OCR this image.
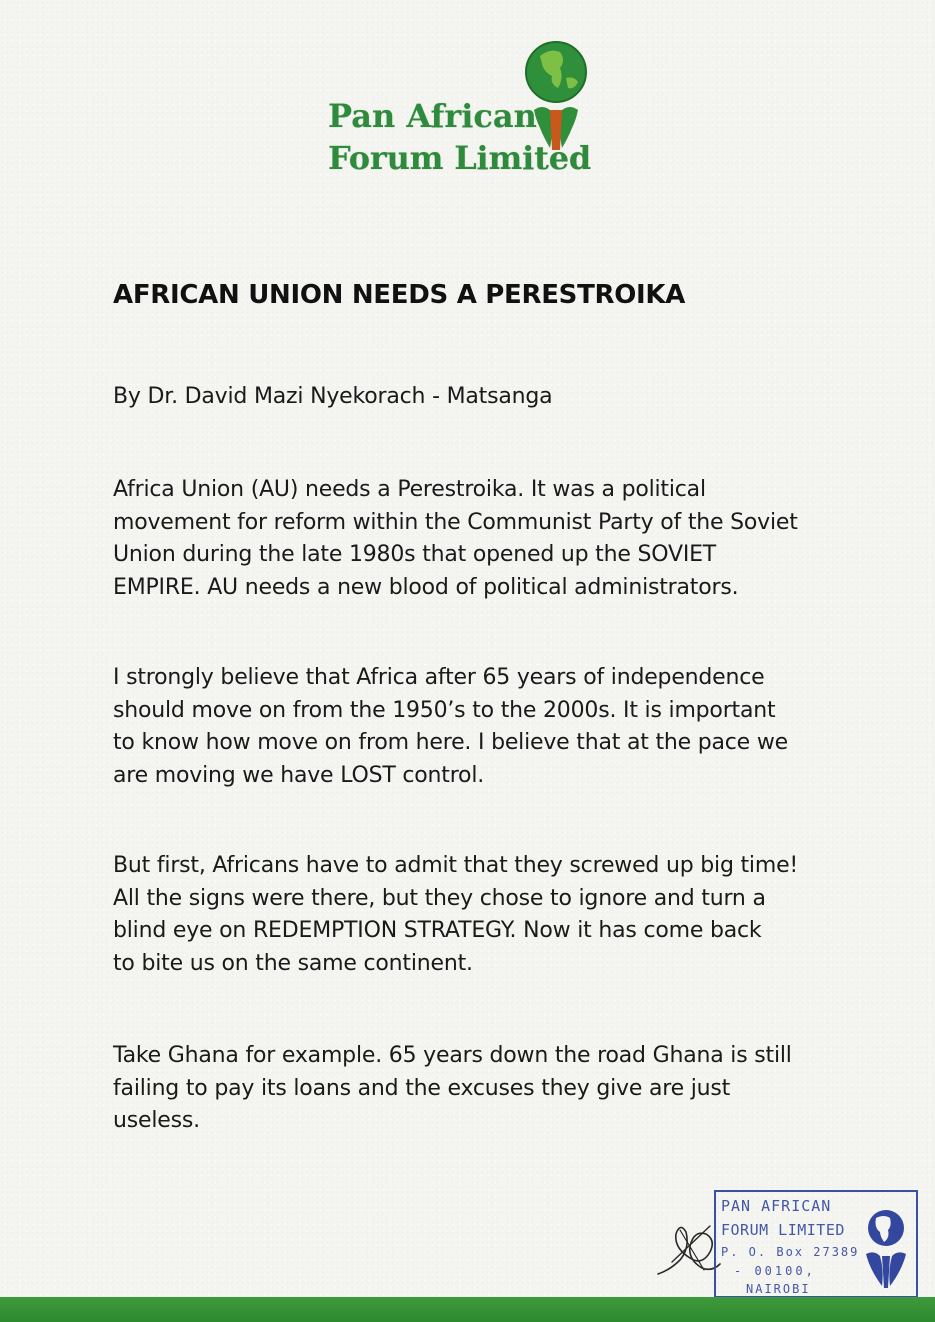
Pan African
Forum Limited
AFRICAN UNION NEEDS A PERESTROIKA
By Dr. David Mazi Nyekorach - Matsanga
Africa Union (AU) needs a Perestroika. It was a political
movement for reform within the Communist Party of the Soviet
Union during the late 1980s that opened up the SOVIET
EMPIRE. AU needs a new blood of political administrators.
I strongly believe that Africa after 65 years of independence
should move on from the 1950’s to the 2000s. It is important
to know how move on from here. I believe that at the pace we
are moving we have LOST control.
But first, Africans have to admit that they screwed up big time!
All the signs were there, but they chose to ignore and turn a
blind eye on REDEMPTION STRATEGY. Now it has come back
to bite us on the same continent.
Take Ghana for example. 65 years down the road Ghana is still
failing to pay its loans and the excuses they give are just
useless.
PAN AFRICAN
FORUM LIMITED
P. O. Box 27389
- 00100,
NAIROBI
